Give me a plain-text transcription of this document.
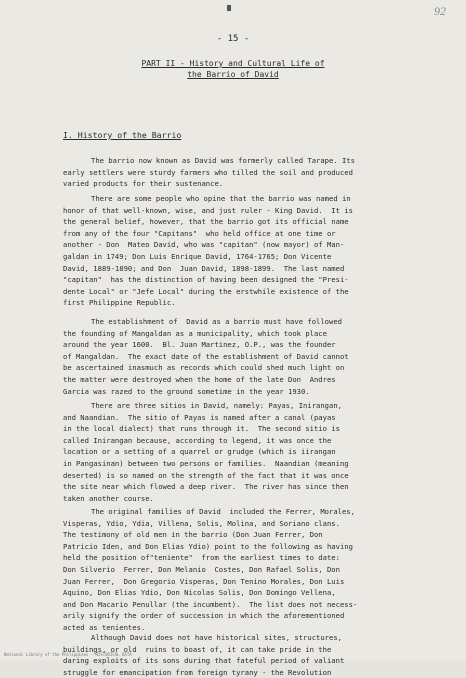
92
- 15 -
PART II - History and Cultural Life of
the Barrio of David
I. History of the Barrio
The barrio now known as David was formerly called Tarape. Its
early settlers were sturdy farmers who tilled the soil and produced
varied products for their sustenance.
There are some people who opine that the barrio was named in
honor of that well-known, wise, and just ruler - King David.  It is
the general belief, however, that the barrio got its official name
from any of the four "Capitans"  who held office at one time or
another - Don  Mateo David, who was "capitan" (now mayor) of Man-
galdan in 1749; Don Luis Enrique David, 1764-1765; Don Vicente
David, 1889-1890; and Don  Juan David, 1898-1899.  The last named
"capitan"  has the distinction of having been designed the "Presi-
dente Local" or "Jefe Local" during the erstwhile existence of the
first Philippine Republic.
The establishment of  David as a barrio must have followed
the founding of Mangaldan as a municipality, which took place
around the year 1600.  Bl. Juan Martinez, O.P., was the founder
of Mangaldan.  The exact date of the establishment of David cannot
be ascertained inasmuch as records which could shed much light on
the matter were destroyed when the home of the late Don  Andres
Garcia was razed to the ground sometime in the year 1930.
There are three sitios in David, namely: Payas, Inirangan,
and Naandian.  The sitio of Payas is named after a canal (payas
in the local dialect) that runs through it.  The second sitio is
called Inirangan because, according to legend, it was once the
location or a setting of a quarrel or grudge (which is iirangan
in Pangasinan) between two persons or families.  Naandian (meaning
deserted) is so named on the strength of the fact that it was once
the site near which flowed a deep river.  The river has since then
taken another course.
The original families of David  included the Ferrer, Morales,
Visperas, Ydio, Ydia, Villena, Solis, Molina, and Soriano clans.
The testimony of old men in the barrio (Don Juan Ferrer, Don
Patricio Iden, and Don Elias Ydio) point to the following as having
held the position of"teniente"  from the earliest times to date:
Don Silverio  Ferrer, Don Melanio  Costes, Don Rafael Solis, Don
Juan Ferrer,  Don Gregorio Visperas, Don Tenino Morales, Don Luis
Aquino, Don Elias Ydio, Don Nicolas Solis, Don Domingo Vellena,
and Don Macario Penullar (the incumbent).  The list does not necess-
arily signify the order of succession in which the aforementioned
acted as tenientes.
Although David does not have historical sites, structures,
buildings, or old  ruins to boast of, it can take pride in the
daring exploits of its sons during that fateful period of valiant
struggle for emancipation from foreign tyrany - the Revolution
National Library of the Philippines · HISTORICAL DATA
